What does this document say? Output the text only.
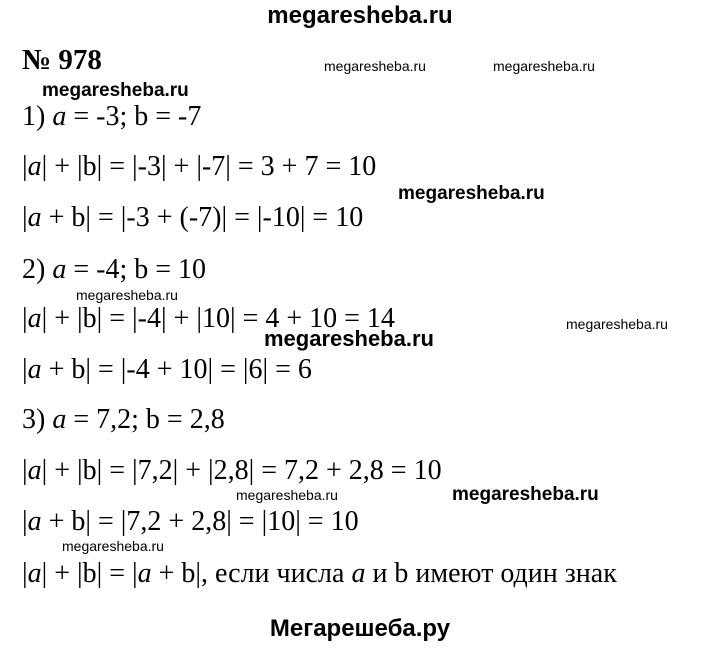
megaresheba.ru
megaresheba.ru	megaresheba.ru
megaresheba.ru
megaresheba.ru
megaresheba.ru
megaresheba.ru
megaresheba.ru
megaresheba.ru	megaresheba.ru
megaresheba.ru
Мегарешеба.ру
№ 978
1) a = -3; b = -7
|a| + |b| = |-3| + |-7| = 3 + 7 = 10
|a + b| = |-3 + (-7)| = |-10| = 10
2) a = -4; b = 10
|a| + |b| = |-4| + |10| = 4 + 10 = 14
|a + b| = |-4 + 10| = |6| = 6
3) a = 7,2; b = 2,8
|a| + |b| = |7,2| + |2,8| = 7,2 + 2,8 = 10
|a + b| = |7,2 + 2,8| = |10| = 10
|a| + |b| = |a + b|, если числа a и b имеют один знак
